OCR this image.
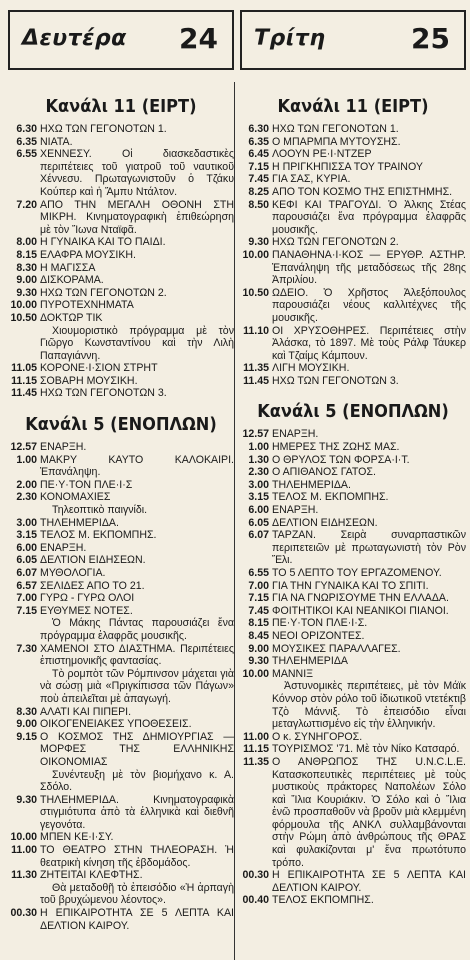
Δευτέρα 24
Κανάλι 11 (ΕΙΡΤ)
6.30 ΗΧΩ ΤΩΝ ΓΕΓΟΝΟΤΩΝ 1.
6.35 ΝΙΑΤΑ.
6.55 ΧΕΝΝΕΣΥ. Οἱ διασκεδαστικὲς περιπέτειες τοῦ γιατροῦ τοῦ ναυτικοῦ Χέννεσυ. Πρωταγωνιστοῦν ὁ Τζάκυ Κούπερ καὶ ἡ Ἄμπυ Ντάλτον.
7.20 ΑΠΟ ΤΗΝ ΜΕΓΑΛΗ ΟΘΟΝΗ ΣΤΗ ΜΙΚΡΗ. Κινηματογραφικὴ ἐπιθεώρηση μὲ τὸν Ἴωνα Νταϊφᾶ.
8.00 Η ΓΥΝΑΙΚΑ ΚΑΙ ΤΟ ΠΑΙΔΙ.
8.15 ΕΛΑΦΡΑ ΜΟΥΣΙΚΗ.
8.30 Η ΜΑΓΙΣΣΑ
9.00 ΔΙΣΚΟΡΑΜΑ.
9.30 ΗΧΩ ΤΩΝ ΓΕΓΟΝΟΤΩΝ 2.
10.00 ΠΥΡΟΤΕΧΝΗΜΑΤΑ
10.50 ΔΟΚΤΩΡ ΤΙΚ
Χιουμοριστικὸ πρόγραμμα μὲ τὸν Γιῶργο Κωνσταντίνου καὶ τὴν Λιλὴ Παπαγιάννη.
11.05 ΚΟΡΟΝΕ·Ι·ΣΙΟΝ ΣΤΡΗΤ
11.15 ΣΟΒΑΡΗ ΜΟΥΣΙΚΗ.
11.45 ΗΧΩ ΤΩΝ ΓΕΓΟΝΟΤΩΝ 3.
Κανάλι 5 (ΕΝΟΠΛΩΝ)
12.57 ΕΝΑΡΞΗ.
1.00 ΜΑΚΡΥ ΚΑΥΤΟ ΚΑΛΟΚΑΙΡΙ. Ἐπανάληψη.
2.00 ΠΕ·Υ·ΤΟΝ ΠΛΕ·Ι·Σ
2.30 ΚΟΝΟΜΑΧΙΕΣ
Τηλεοπτικὸ παιγνίδι.
3.00 ΤΗΛΕΗΜΕΡΙΔΑ.
3.15 ΤΕΛΟΣ Μ. ΕΚΠΟΜΠΗΣ.
6.00 ΕΝΑΡΞΗ.
6.05 ΔΕΛΤΙΟΝ ΕΙΔΗΣΕΩΝ.
6.07 ΜΥΘΟΛΟΓΙΑ.
6.57 ΣΕΛΙΔΕΣ ΑΠΟ ΤΟ 21.
7.00 ΓΥΡΩ - ΓΥΡΩ ΟΛΟΙ
7.15 ΕΥΘΥΜΕΣ ΝΟΤΕΣ.
Ὁ Μάκης Πάντας παρουσιάζει ἕνα πρόγραμμα ἐλαφρᾶς μουσικῆς.
7.30 ΧΑΜΕΝΟΙ ΣΤΟ ΔΙΑΣΤΗΜΑ. Περιπέτειες ἐπιστημονικῆς φαντασίας.
Τὸ ρομπὸτ τῶν Ρόμπινσον μάχεται γιὰ νὰ σώσῃ μιὰ «Πριγκίπισσα τῶν Πάγων» ποὺ ἀπειλεῖται μὲ ἀπαγωγή.
8.30 ΑΛΑΤΙ ΚΑΙ ΠΙΠΕΡΙ.
9.00 ΟΙΚΟΓΕΝΕΙΑΚΕΣ ΥΠΟΘΕΣΕΙΣ.
9.15 Ο ΚΟΣΜΟΣ ΤΗΣ ΔΗΜΙΟΥΡΓΙΑΣ —ΜΟΡΦΕΣ ΤΗΣ ΕΛΛΗΝΙΚΗΣ ΟΙΚΟΝΟΜΙΑΣ
Συνέντευξη μὲ τὸν βιομήχανο κ. Α. Σδόλο.
9.30 ΤΗΛΕΗΜΕΡΙΔΑ. Κινηματογραφικὰ στιγμιότυπα ἀπὸ τὰ ἑλληνικὰ καὶ διεθνῆ γεγονότα.
10.00 ΜΠΕΝ ΚΕ·Ι·ΣΥ.
11.00 ΤΟ ΘΕΑΤΡΟ ΣΤΗΝ ΤΗΛΕΟΡΑΣΗ. Ἡ θεατρικὴ κίνηση τῆς ἑβδομάδος.
11.30 ΖΗΤΕΙΤΑΙ ΚΛΕΦΤΗΣ.
Θὰ μεταδοθῇ τὸ ἐπεισόδιο «Ἡ ἁρπαγὴ τοῦ βρυχώμενου λέοντος».
00.30 Η ΕΠΙΚΑΙΡΟΤΗΤΑ ΣΕ 5 ΛΕΠΤΑ ΚΑΙ ΔΕΛΤΙΟΝ ΚΑΙΡΟΥ.
Τρίτη	25
Κανάλι 11 (ΕΙΡΤ)
6.30 ΗΧΩ ΤΩΝ ΓΕΓΟΝΟΤΩΝ 1.
6.35 Ο ΜΠΑΡΜΠΑ ΜΥΤΟΥΣΗΣ.
6.45 ΛΟΟΥΝ ΡΕ·Ι·ΝΤΖΕΡ
7.15 Η ΠΡΙΓΚΗΠΙΣΣΑ ΤΟΥ ΤΡΑΙΝΟΥ
7.45 ΓΙΑ ΣΑΣ, ΚΥΡΙΑ.
8.25 ΑΠΟ ΤΟΝ ΚΟΣΜΟ ΤΗΣ ΕΠΙΣΤΗΜΗΣ.
8.50 ΚΕΦΙ ΚΑΙ ΤΡΑΓΟΥΔΙ. Ὁ Ἀλκης Στέας παρουσιάζει ἕνα πρόγραμμα ἐλαφρᾶς μουσικῆς.
9.30 ΗΧΩ ΤΩΝ ΓΕΓΟΝΟΤΩΝ 2.
10.00 ΠΑΝΑΘΗΝΑ·Ι·ΚΟΣ — ΕΡΥΘΡ. ΑΣΤΗΡ. Ἐπανάληψη τῆς μεταδόσεως τῆς 28ης Ἀπριλίου.
10.50 ΩΔΕΙΟ. Ὁ Χρῆστος Ἀλεξόπουλος παρουσιάζει νέους καλλιτέχνες τῆς μουσικῆς.
11.10 ΟΙ ΧΡΥΣΟΘΗΡΕΣ. Περιπέτειες στὴν Ἀλάσκα, τὸ 1897. Μὲ τοὺς Ράλφ Τάυκερ καὶ Τζαίμς Κάμπουν.
11.35 ΛΙΓΗ ΜΟΥΣΙΚΗ.
11.45 ΗΧΩ ΤΩΝ ΓΕΓΟΝΟΤΩΝ 3.
Κανάλι 5 (ΕΝΟΠΛΩΝ)
12.57 ΕΝΑΡΞΗ.
1.00 ΗΜΕΡΕΣ ΤΗΣ ΖΩΗΣ ΜΑΣ.
1.30 Ο ΘΡΥΛΟΣ ΤΩΝ ΦΟΡΣΑ·Ι·Τ.
2.30 Ο ΑΠΙΘΑΝΟΣ ΓΑΤΟΣ.
3.00 ΤΗΛΕΗΜΕΡΙΔΑ.
3.15 ΤΕΛΟΣ Μ. ΕΚΠΟΜΠΗΣ.
6.00 ΕΝΑΡΞΗ.
6.05 ΔΕΛΤΙΟΝ ΕΙΔΗΣΕΩΝ.
6.07 ΤΑΡΖΑΝ. Σειρὰ συναρπαστικῶν περιπετειῶν μὲ πρωταγωνιστὴ τὸν Ρὸν Ἔλι.
6.55 ΤΟ 5 ΛΕΠΤΟ ΤΟΥ ΕΡΓΑΖΟΜΕΝΟΥ.
7.00 ΓΙΑ ΤΗΝ ΓΥΝΑΙΚΑ ΚΑΙ ΤΟ ΣΠΙΤΙ.
7.15 ΓΙΑ ΝΑ ΓΝΩΡΙΣΟΥΜΕ ΤΗΝ ΕΛΛΑΔΑ.
7.45 ΦΟΙΤΗΤΙΚΟΙ ΚΑΙ ΝΕΑΝΙΚΟΙ ΠΙΑΝΟΙ.
8.15 ΠΕ·Υ·ΤΟΝ ΠΛΕ·Ι·Σ.
8.45 ΝΕΟΙ ΟΡΙΖΟΝΤΕΣ.
9.00 ΜΟΥΣΙΚΕΣ ΠΑΡΑΛΛΑΓΕΣ.
9.30 ΤΗΛΕΗΜΕΡΙΔΑ
10.00 ΜΑΝΝΙΞ
Ἀστυνομικὲς περιπέτειες, μὲ τὸν Μάϊκ Κόννορ στὸν ρόλο τοῦ ἰδιωτικοῦ ντετέκτιβ Τζὸ Μάννιξ. Τὸ ἐπεισόδιο εἶναι μεταγλωττισμένο εἰς τὴν ἑλληνικήν.
11.00 Ο κ. ΣΥΝΗΓΟΡΟΣ.
11.15 ΤΟΥΡΙΣΜΟΣ '71. Μὲ τὸν Νίκο Κατσαρό.
11.35 Ο ΑΝΘΡΩΠΟΣ ΤΗΣ U.N.C.L.E. Κατασκοπευτικὲς περιπέτειες μὲ τοὺς μυστικοὺς πράκτορες Ναπολέων Σόλο καὶ Ἴλια Κουριάκιν. Ὁ Σόλο καὶ ὁ Ἴλια ἐνῶ προσπαθοῦν νὰ βροῦν μιὰ κλεμμένη φόρμουλα τῆς ΑΝΚΛ συλλαμβάνονται στὴν Ρώμη ἀπὸ ἀνθρώπους τῆς ΘΡΑΣ καὶ φυλακίζονται μ' ἕνα πρωτότυπο τρόπο.
00.30 Η ΕΠΙΚΑΙΡΟΤΗΤΑ ΣΕ 5 ΛΕΠΤΑ ΚΑΙ ΔΕΛΤΙΟΝ ΚΑΙΡΟΥ.
00.40 ΤΕΛΟΣ ΕΚΠΟΜΠΗΣ.
